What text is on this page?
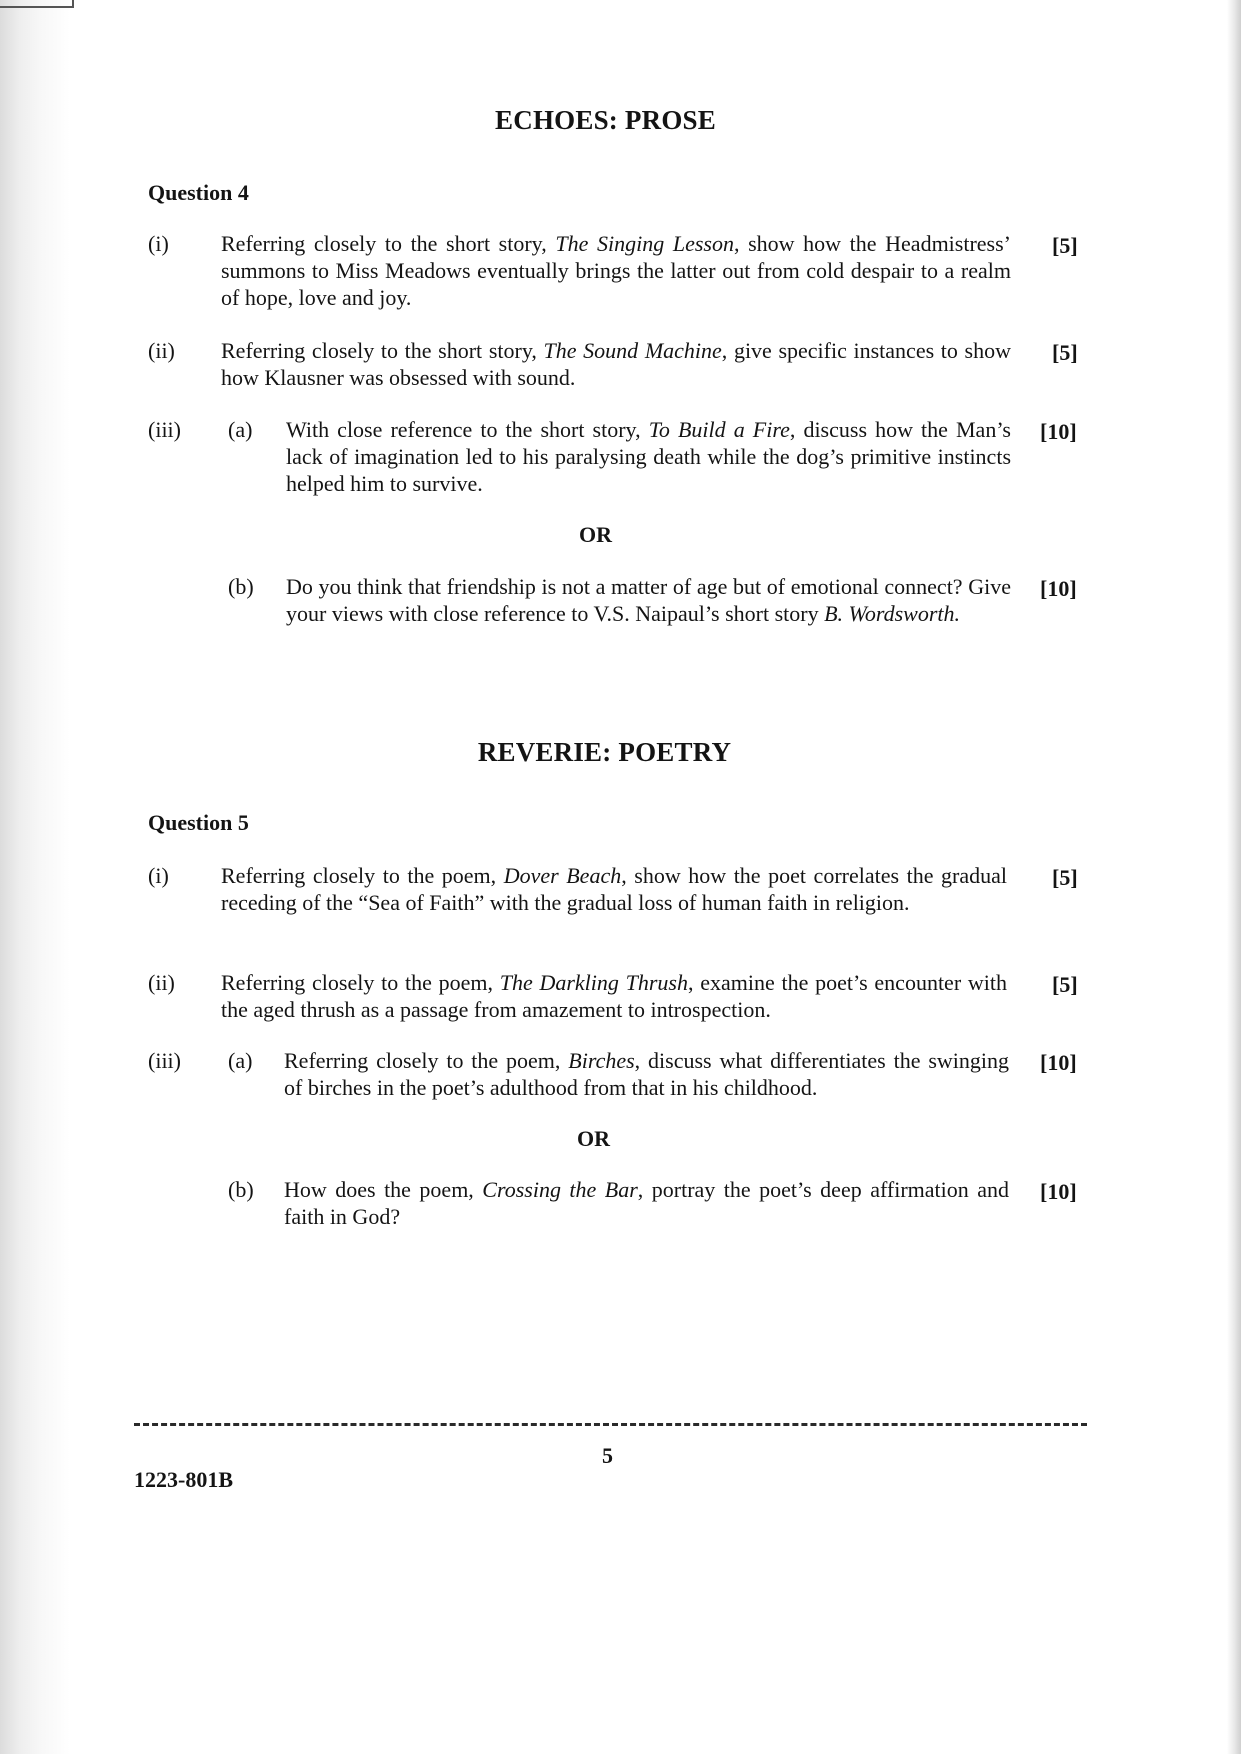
ECHOES: PROSE
Question 4
(i) Referring closely to the short story, The Singing Lesson, show how the Headmistress’ summons to Miss Meadows eventually brings the latter out from cold despair to a realm of hope, love and joy.
[5]
(ii) Referring closely to the short story, The Sound Machine, give specific instances to show how Klausner was obsessed with sound.
[5]
(iii) (a) With close reference to the short story, To Build a Fire, discuss how the Man’s lack of imagination led to his paralysing death while the dog’s primitive instincts helped him to survive.
[10]
OR
(b) Do you think that friendship is not a matter of age but of emotional connect? Give your views with close reference to V.S. Naipaul’s short story B. Wordsworth.
[10]
REVERIE: POETRY
Question 5
(i) Referring closely to the poem, Dover Beach, show how the poet correlates the gradual receding of the “Sea of Faith” with the gradual loss of human faith in religion.
[5]
(ii) Referring closely to the poem, The Darkling Thrush, examine the poet’s encounter with the aged thrush as a passage from amazement to introspection.
[5]
(iii) (a) Referring closely to the poem, Birches, discuss what differentiates the swinging of birches in the poet’s adulthood from that in his childhood.
[10]
OR
(b) How does the poem, Crossing the Bar, portray the poet’s deep affirmation and faith in God?
[10]
5
1223-801B
